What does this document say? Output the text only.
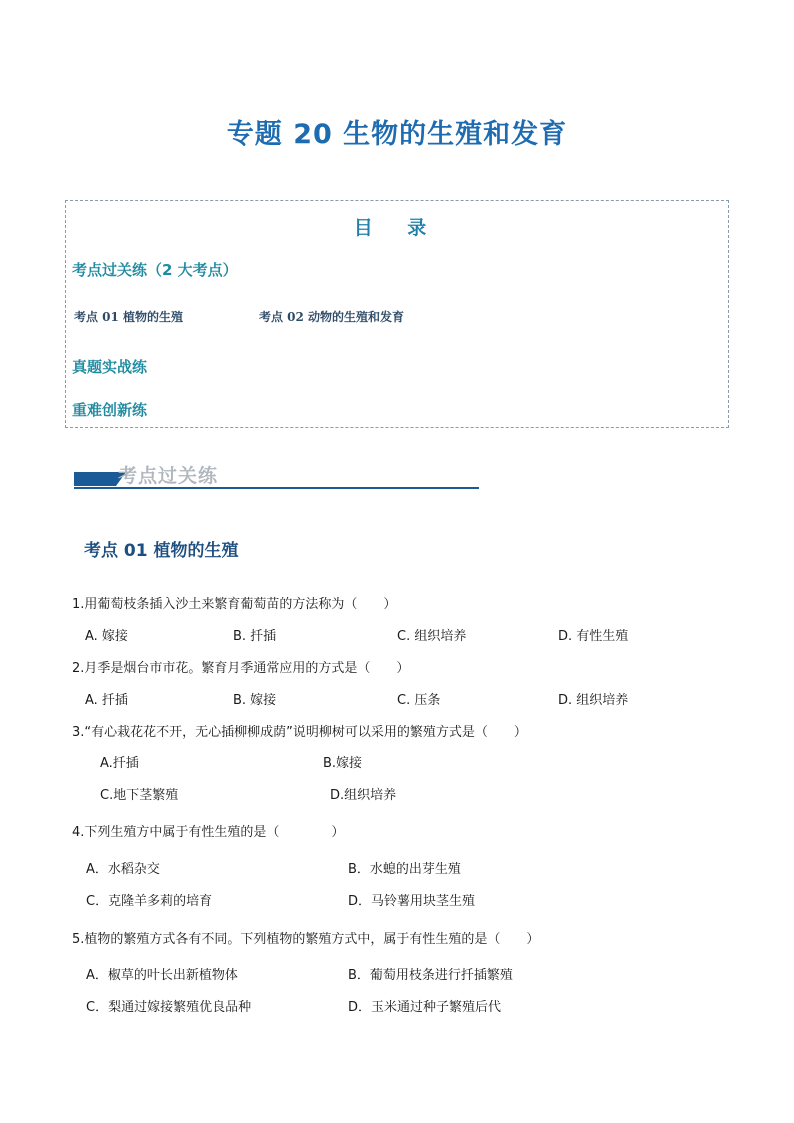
专题 20 生物的生殖和发育
目 录
考点过关练（2 大考点）
考点 01 植物的生殖	考点 02 动物的生殖和发育
真题实战练
重难创新练
考点过关练
考点 01 植物的生殖
1.用葡萄枝条插入沙土来繁育葡萄苗的方法称为（　　）
A. 嫁接	B. 扦插	C. 组织培养	D. 有性生殖
2.月季是烟台市市花。繁育月季通常应用的方式是（　　）
A. 扦插	B. 嫁接	C. 压条	D. 组织培养
3.“有心栽花花不开，无心插柳柳成荫”说明柳树可以采用的繁殖方式是（　　）
A.扦插	B.嫁接
C.地下茎繁殖	D.组织培养
4.下列生殖方中属于有性生殖的是（　　　　）
A．水稻杂交	B．水螅的出芽生殖
C．克隆羊多莉的培育	D．马铃薯用块茎生殖
5.植物的繁殖方式各有不同。下列植物的繁殖方式中，属于有性生殖的是（　　）
A．椒草的叶长出新植物体	B．葡萄用枝条进行扦插繁殖
C．梨通过嫁接繁殖优良品种	D．玉米通过种子繁殖后代
